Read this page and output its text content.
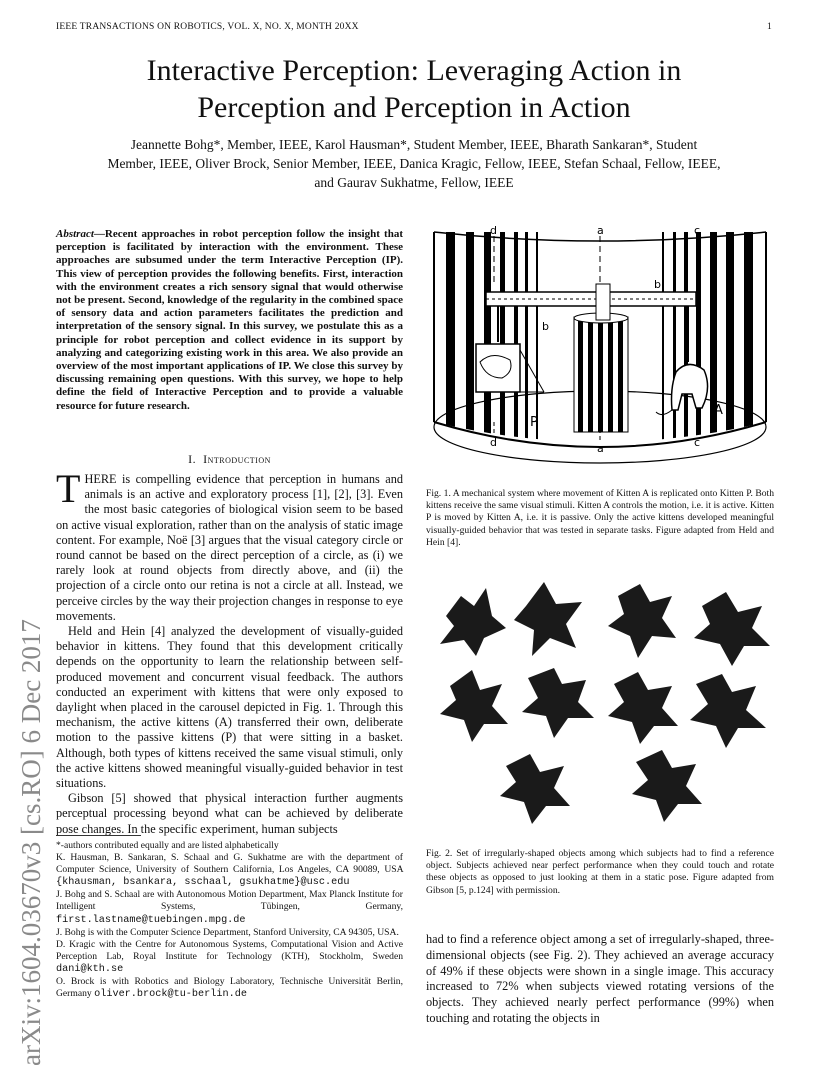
IEEE TRANSACTIONS ON ROBOTICS, VOL. X, NO. X, MONTH 20XX	1
Interactive Perception: Leveraging Action in
Perception and Perception in Action
Jeannette Bohg*, Member, IEEE, Karol Hausman*, Student Member, IEEE, Bharath Sankaran*, Student
Member, IEEE, Oliver Brock, Senior Member, IEEE, Danica Kragic, Fellow, IEEE, Stefan Schaal, Fellow, IEEE,
and Gaurav Sukhatme, Fellow, IEEE
arXiv:1604.03670v3 [cs.RO] 6 Dec 2017
Abstract—Recent approaches in robot perception follow the insight that perception is facilitated by interaction with the environment. These approaches are subsumed under the term Interactive Perception (IP). This view of perception provides the following benefits. First, interaction with the environment creates a rich sensory signal that would otherwise not be present. Second, knowledge of the regularity in the combined space of sensory data and action parameters facilitates the prediction and interpretation of the sensory signal. In this survey, we postulate this as a principle for robot perception and collect evidence in its support by analyzing and categorizing existing work in this area. We also provide an overview of the most important applications of IP. We close this survey by discussing remaining open questions. With this survey, we hope to help define the field of Interactive Perception and to provide a valuable resource for future research.
I. Introduction

THERE is compelling evidence that perception in humans and animals is an active and exploratory process [1], [2], [3]. Even the most basic categories of biological vision seem to be based on active visual exploration, rather than on the analysis of static image content. For example, Noë [3] argues that the visual category circle or round cannot be based on the direct perception of a circle, as (i) we rarely look at round objects from directly above, and (ii) the projection of a circle onto our retina is not a circle at all. Instead, we perceive circles by the way their projection changes in response to eye movements.

Held and Hein [4] analyzed the development of visually-guided behavior in kittens. They found that this development critically depends on the opportunity to learn the relationship between self-produced movement and concurrent visual feedback. The authors conducted an experiment with kittens that were only exposed to daylight when placed in the carousel depicted in Fig. 1. Through this mechanism, the active kittens (A) transferred their own, deliberate motion to the passive kittens (P) that were sitting in a basket. Although, both types of kittens received the same visual stimuli, only the active kittens showed meaningful visually-guided behavior in test situations.

Gibson [5] showed that physical interaction further augments perceptual processing beyond what can be achieved by deliberate pose changes. In the specific experiment, human subjects

*-authors contributed equally and are listed alphabetically

K. Hausman, B. Sankaran, S. Schaal and G. Sukhatme are with the department of Computer Science, University of Southern California, Los Angeles, CA 90089, USA {khausman, bsankara, sschaal, gsukhatme}@usc.edu

J. Bohg and S. Schaal are with Autonomous Motion Department, Max Planck Institute for Intelligent Systems, Tübingen, Germany, first.lastname@tuebingen.mpg.de

J. Bohg is with the Computer Science Department, Stanford University, CA 94305, USA.

D. Kragic with the Centre for Autonomous Systems, Computational Vision and Active Perception Lab, Royal Institute for Technology (KTH), Stockholm, Sweden dani@kth.se

O. Brock is with Robotics and Biology Laboratory, Technische Universität Berlin, Germany oliver.brock@tu-berlin.de

d	a	c
b
b
P
A
d	a	c
Fig. 1. A mechanical system where movement of Kitten A is replicated onto Kitten P. Both kittens receive the same visual stimuli. Kitten A controls the motion, i.e. it is active. Kitten P is moved by Kitten A, i.e. it is passive. Only the active kittens developed meaningful visually-guided behavior that was tested in separate tasks. Figure adapted from Held and Hein [4].
Fig. 2. Set of irregularly-shaped objects among which subjects had to find a reference object. Subjects achieved near perfect performance when they could touch and rotate these objects as opposed to just looking at them in a static pose. Figure adapted from Gibson [5, p.124] with permission.
had to find a reference object among a set of irregularly-shaped, three-dimensional objects (see Fig. 2). They achieved an average accuracy of 49% if these objects were shown in a single image. This accuracy increased to 72% when subjects viewed rotating versions of the objects. They achieved nearly perfect performance (99%) when touching and rotating the objects in
